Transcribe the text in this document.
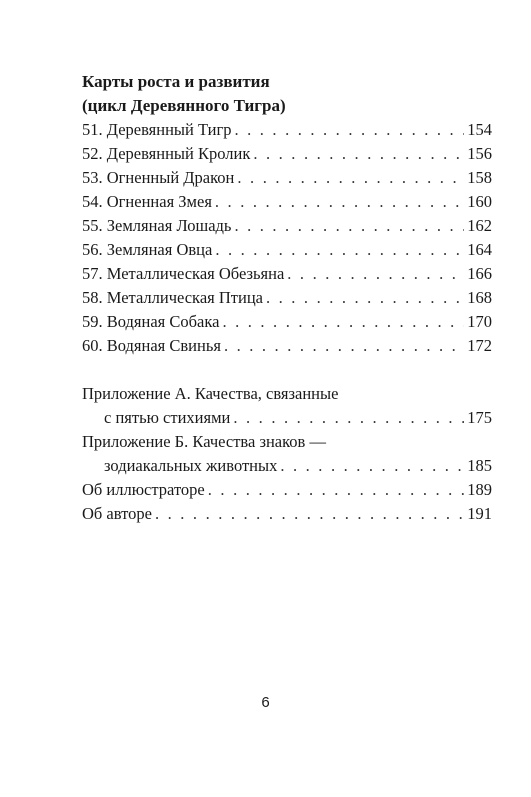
Карты роста и развития

(цикл Деревянного Тигра)

51. Деревянный Тигр . . .	154
52. Деревянный Кролик . . .	156
53. Огненный Дракон . . .	158
54. Огненная Змея . . .	160
55. Земляная Лошадь . . .	162
56. Земляная Овца . . .	164
57. Металлическая Обезьяна . . .	166
58. Металлическая Птица . . .	168
59. Водяная Собака . . .	170
60. Водяная Свинья . . .	172
Приложение А. Качества, связанные
с пятью стихиями . . .	175
Приложение Б. Качества знаков —
зодиакальных животных . . .	185
Об иллюстраторе . . .	189
Об авторе . . .	191
6
